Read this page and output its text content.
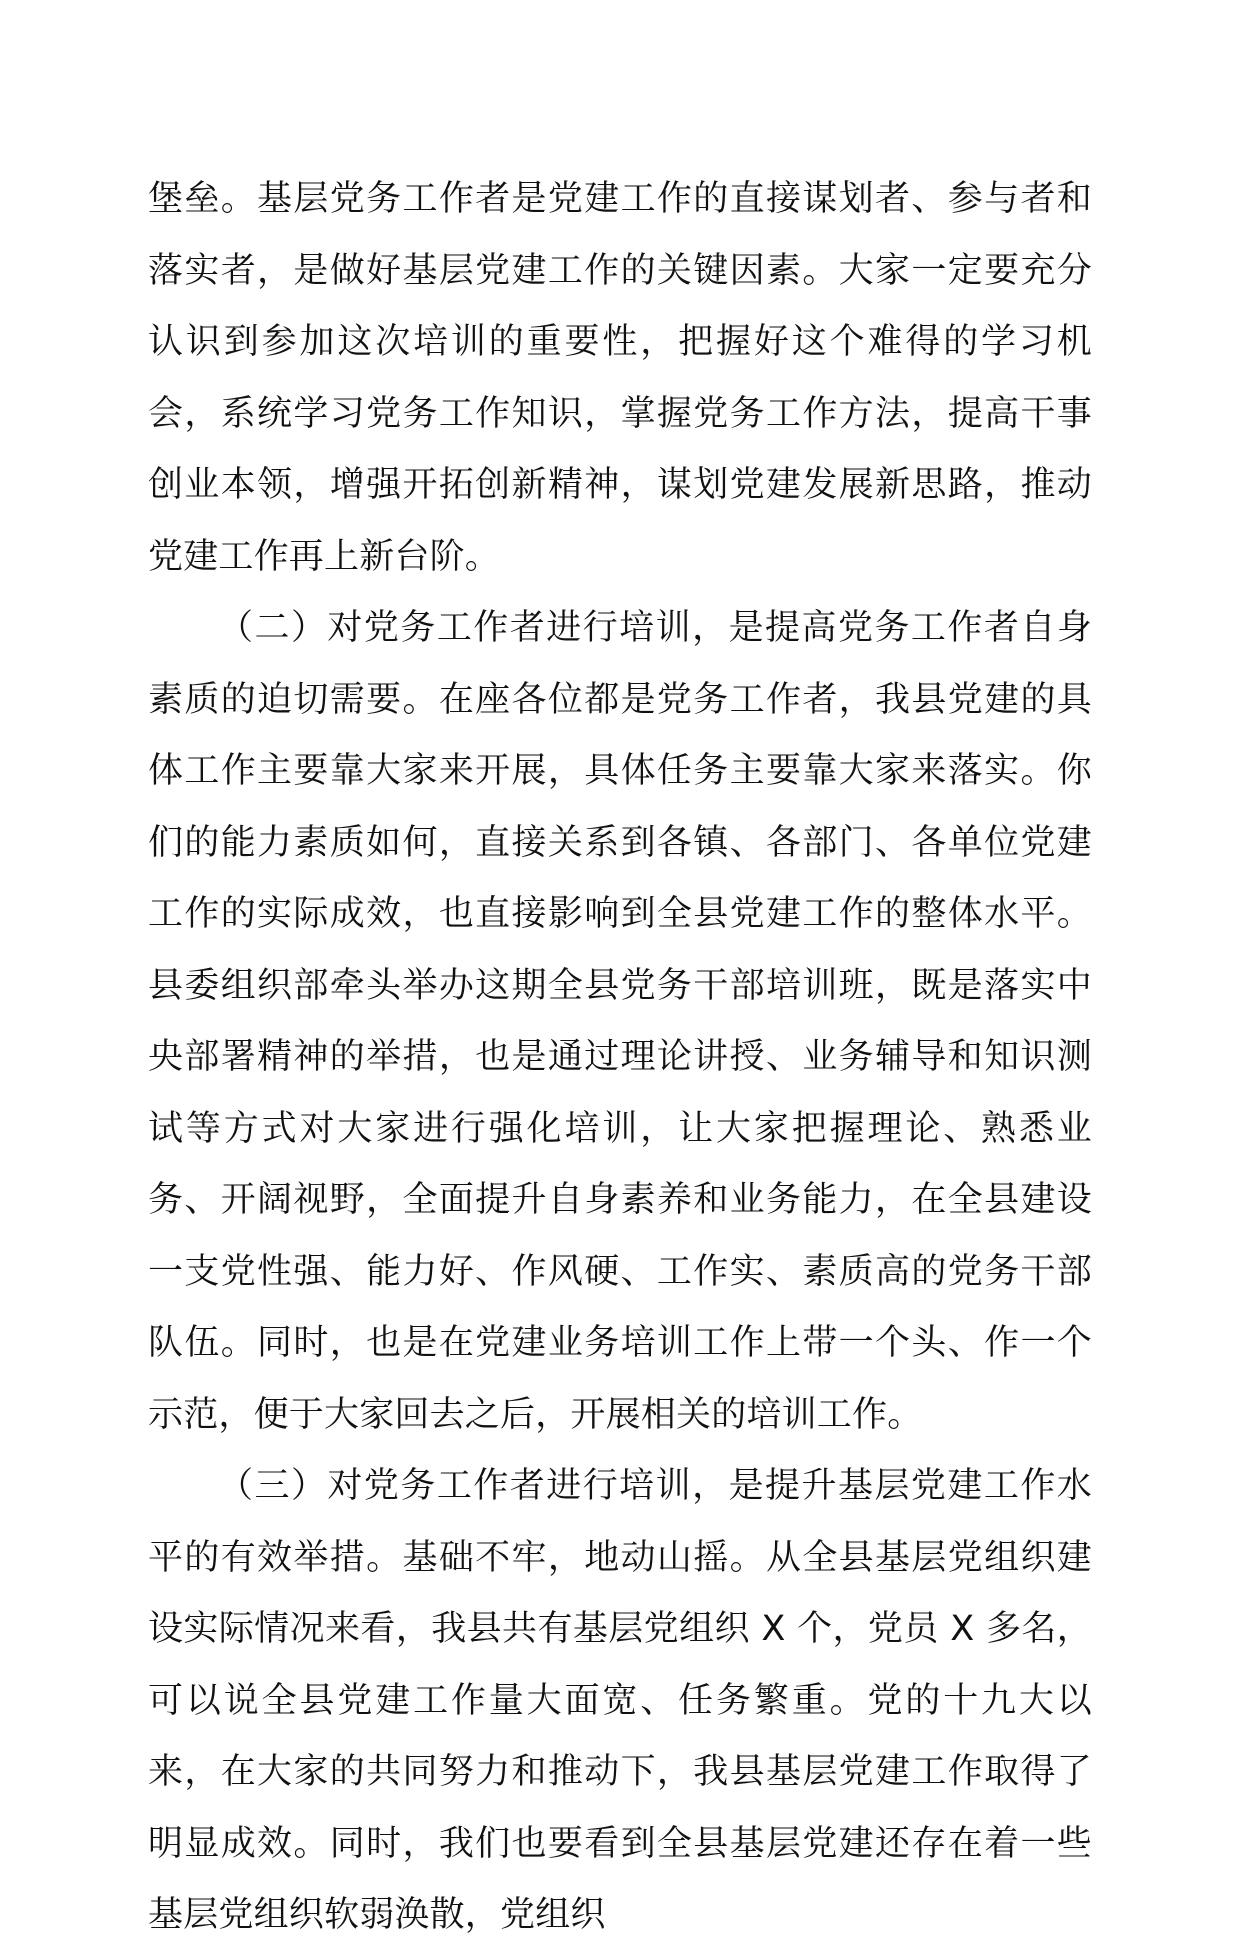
堡垒。基层党务工作者是党建工作的直接谋划者、参与者和落实者，是做好基层党建工作的关键因素。大家一定要充分认识到参加这次培训的重要性，把握好这个难得的学习机会，系统学习党务工作知识，掌握党务工作方法，提高干事创业本领，增强开拓创新精神，谋划党建发展新思路，推动党建工作再上新台阶。

（二）对党务工作者进行培训，是提高党务工作者自身素质的迫切需要。在座各位都是党务工作者，我县党建的具体工作主要靠大家来开展，具体任务主要靠大家来落实。你们的能力素质如何，直接关系到各镇、各部门、各单位党建工作的实际成效，也直接影响到全县党建工作的整体水平。县委组织部牵头举办这期全县党务干部培训班，既是落实中央部署精神的举措，也是通过理论讲授、业务辅导和知识测试等方式对大家进行强化培训，让大家把握理论、熟悉业务、开阔视野，全面提升自身素养和业务能力，在全县建设一支党性强、能力好、作风硬、工作实、素质高的党务干部队伍。同时，也是在党建业务培训工作上带一个头、作一个示范，便于大家回去之后，开展相关的培训工作。

（三）对党务工作者进行培训，是提升基层党建工作水平的有效举措。基础不牢，地动山摇。从全县基层党组织建设实际情况来看，我县共有基层党组织 X 个，党员 X 多名，可以说全县党建工作量大面宽、任务繁重。党的十九大以来，在大家的共同努力和推动下，我县基层党建工作取得了明显成效。同时，我们也要看到全县基层党建还存在着一些基层党组织软弱涣散，党组织
